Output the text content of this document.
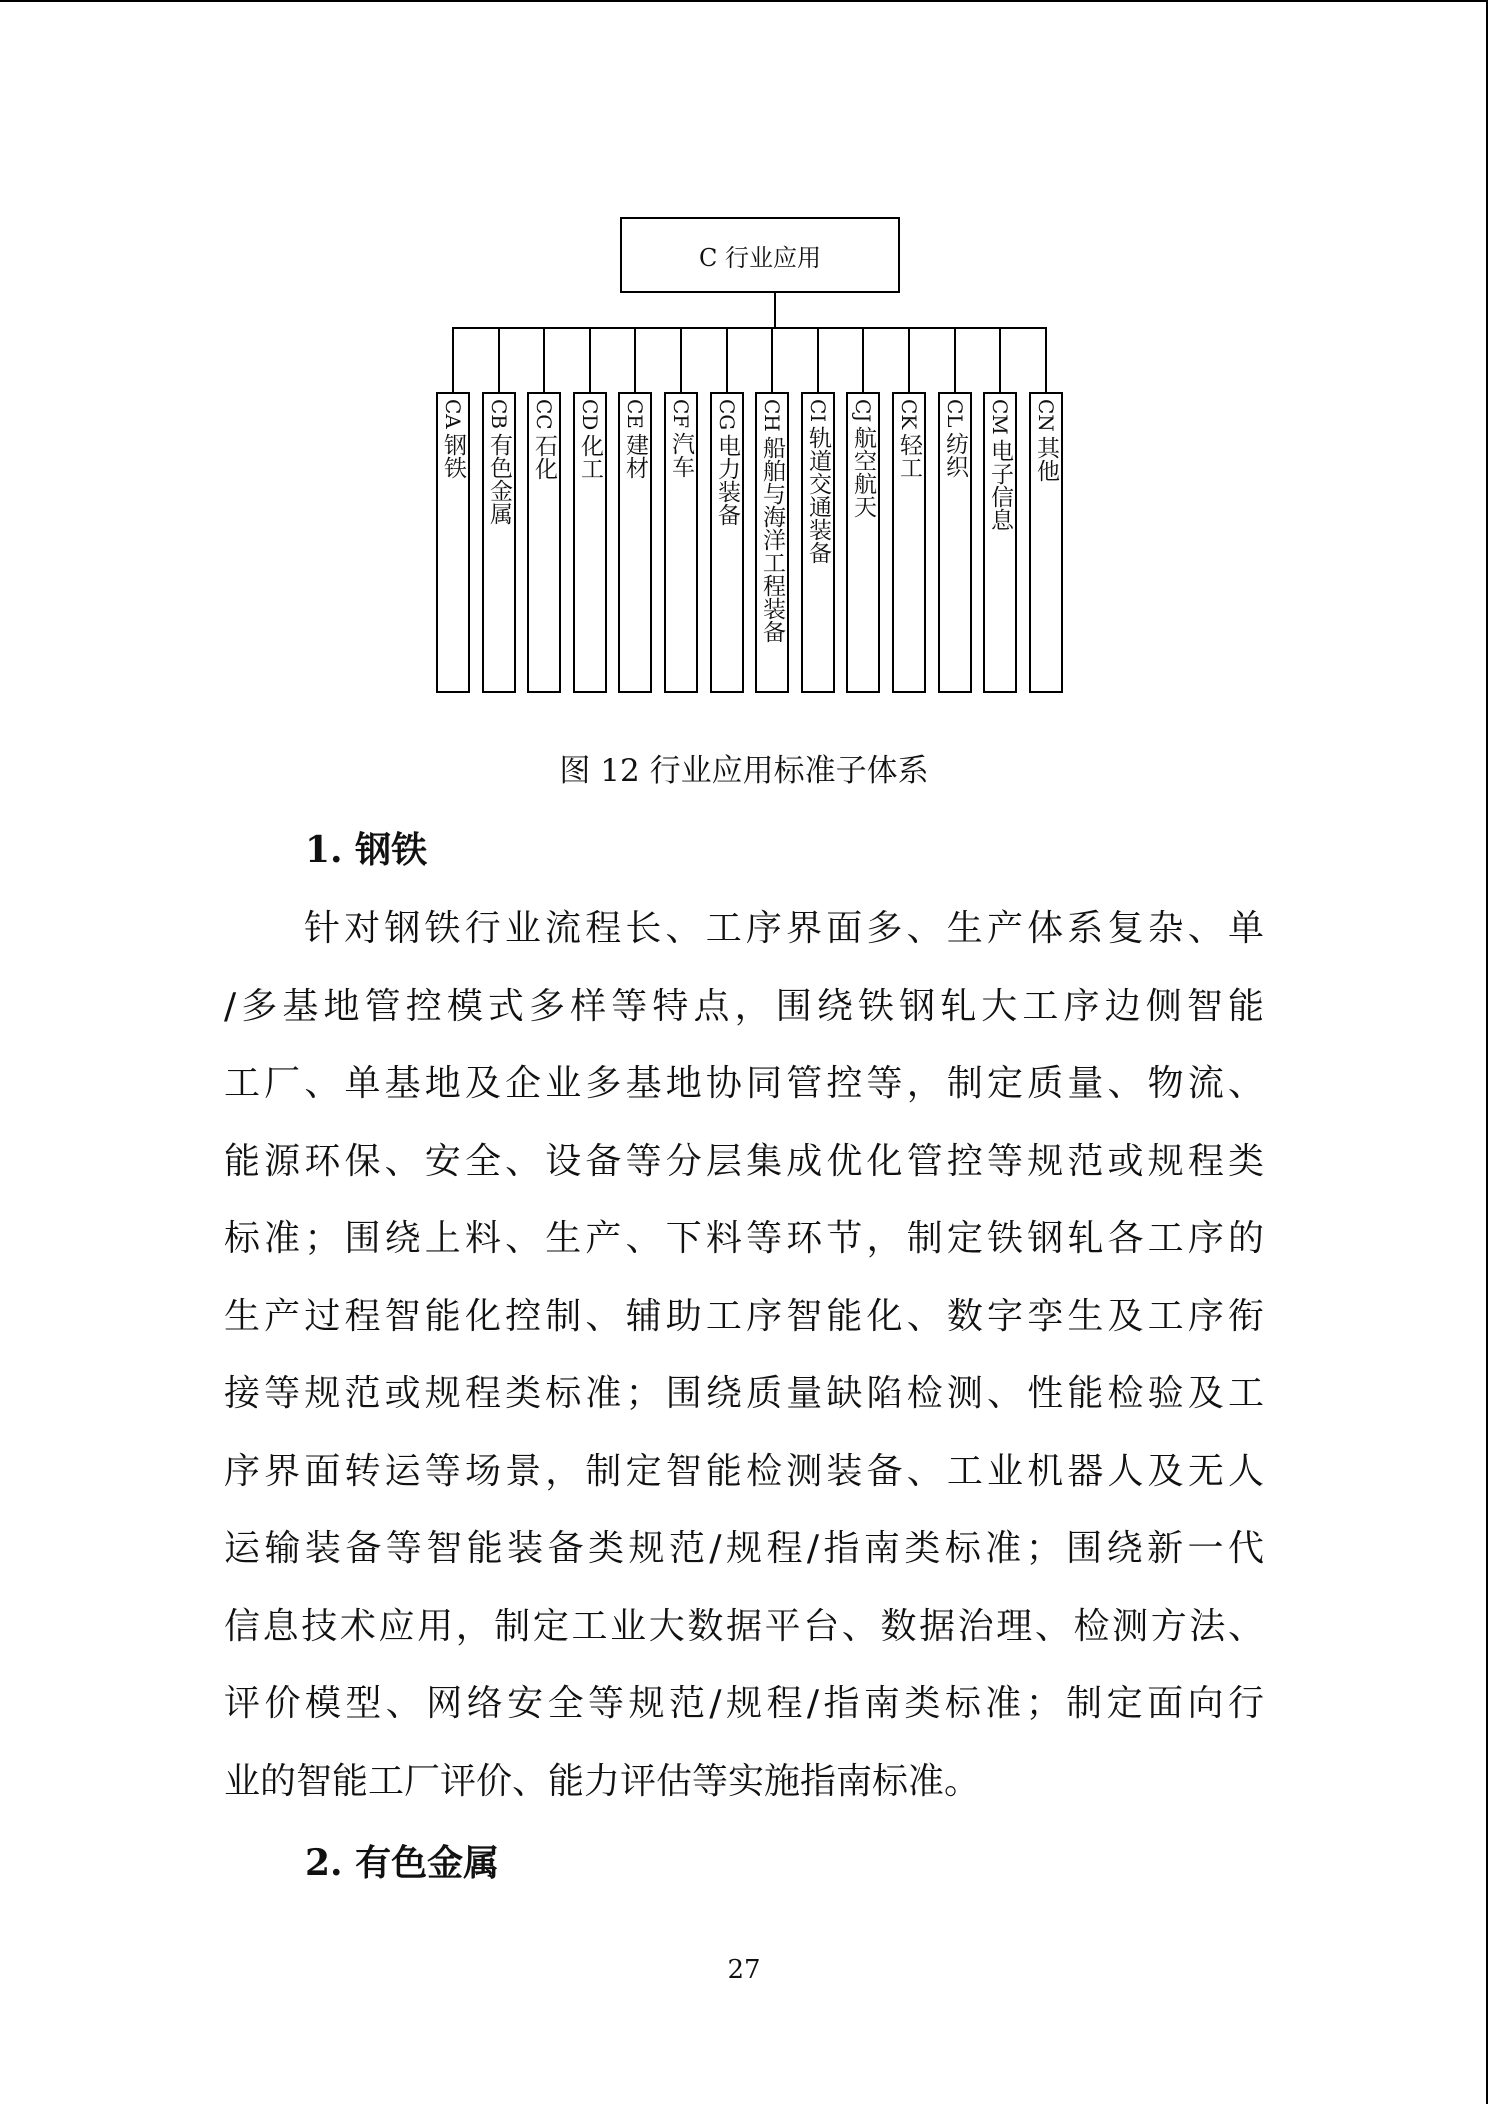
C 行业应用
CA
钢铁
CB
有色金属
CC
石化
CD
化工
CE
建材
CF
汽车
CG
电力装备
CH
船舶与海洋工程装备
CI
轨道交通装备
CJ
航空航天
CK
轻工
CL
纺织
CM
电子信息
CN
其他
图 12 行业应用标准子体系
1. 钢铁
针对钢铁行业流程长、工序界面多、生产体系复杂、单
/多基地管控模式多样等特点，围绕铁钢轧大工序边侧智能
工厂、单基地及企业多基地协同管控等，制定质量、物流、
能源环保、安全、设备等分层集成优化管控等规范或规程类
标准；围绕上料、生产、下料等环节，制定铁钢轧各工序的
生产过程智能化控制、辅助工序智能化、数字孪生及工序衔
接等规范或规程类标准；围绕质量缺陷检测、性能检验及工
序界面转运等场景，制定智能检测装备、工业机器人及无人
运输装备等智能装备类规范/规程/指南类标准；围绕新一代
信息技术应用，制定工业大数据平台、数据治理、检测方法、
评价模型、网络安全等规范/规程/指南类标准；制定面向行
业的智能工厂评价、能力评估等实施指南标准。
2. 有色金属
27
